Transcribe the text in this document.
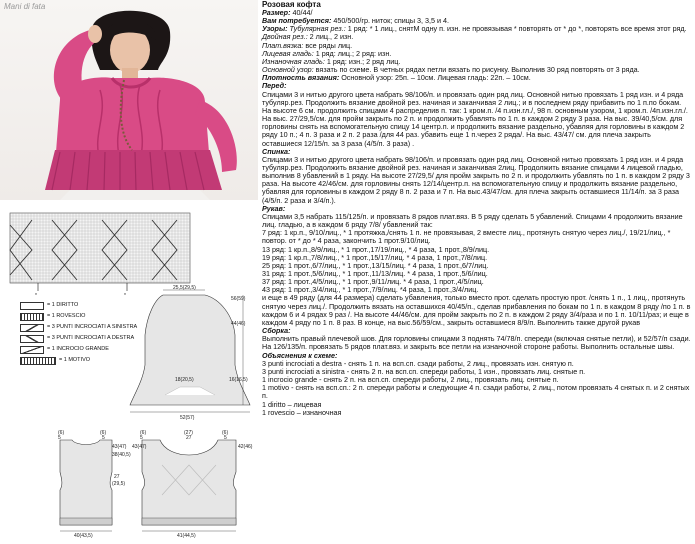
Mani di fata
*	*
= 1 DIRITTO
= 1 ROVESCIO
= 3 PUNTI INCROCIATI A SINISTRA
= 3 PUNTI INCROCIATI A DESTRA
= 1 INCROCIO GRANDE
= 1 MOTIVO
25,5(29,5)
56(59)
44(46)
18(20,5)	16(16,5)
52(57)
(6)	(6)
5	5
43(47)
38(40,5)
27
(29,5)
40(43,5)
(6)	(27)	(6)
5	27	5
43(47)	42(46)
41(44,5)

Розовая кофта

Размер: 40/44/

Вам потребуется: 450/500/гр. ниток; спицы 3, 3,5 и 4.

Узоры: Тубулярная рез.: 1 ряд: * 1 лиц., снятM одну п. изн. не провязывая * повторять от * до *, повторять все время этот ряд.

Двойная рез.: 2 лиц., 2 изн.

Плат.вязка: все ряды лиц.

Лицевая гладь: 1 ряд: лиц.; 2 ряд: изн.

Изнаночная гладь: 1 ряд: изн.; 2 ряд лиц.

Основной узор: вязать по схеме. В четных рядах петли вязать по рисунку. Выполнив 30 ряд повторять от 3 ряда.

Плотность вязания: Основной узор: 25п. – 10см. Лицевая гладь: 22п. – 10см.

Перед:

Спицами 3 и нитью другого цвета набрать 98/106/п. и провязать один ряд лиц. Основной нитью провязать 1 ряд изн. и 4 ряда тубуляр.рез. Продолжить вязание двойной рез. начиная и заканчивая 2 лиц.; и в последнем ряду прибавить по 1 п.по бокам. На высоте 6 см. продолжить спицами 4 распределив п. так: 1 кром.п. /4 п.изн.гл./, 98 п. основным узором, 1 кром.п. /4п.изн.гл./. На выс. 27/29,5/см. для пройм закрыть по 2 п. и продолжить убавлять по 1 п. в каждом 2 ряду 3 раза. На выс. 39/40,5/см. для горловины снять на вспомогательную спицу 14 центр.п. и продолжить вязание раздельно, убавляя для горловины в каждом 2 ряду 10 п.; 4 п. 3 раза и 2 п. 2 раза /для 44 раз. убавить еще 1 п.через 2 ряда/. На выс. 43/47/ см. для плеча закрыть оставшиеся 12/15/п. за 3 раза (4/5/п. 3 раза) .

Спинка:

Спицами 3 и нитью другого цвета набрать 98/106/п. и провязать один ряд лиц. Основной нитью провязать 1 ряд изн. и 4 ряда тубуляр.рез. Продолжить вязание двойной рез. начиная и заканчивая 2лиц. Продолжить вязание спицами 4 лицевой гладью, выполнив 8 убавлений в 1 ряду. На высоте 27/29,5/ для пройм закрыть по 2 п. и продолжить убавлять по 1 п. в каждом 2 ряду 3 раза. На высоте 42/46/см. для горловины снять 12/14/центр.п. на вспомогательную спицу и продолжить вязание раздельно, убавляя для горловины в каждом 2 ряду 8 п. 2 раза и 7 п. На выс.43/47/см. для плеча закрыть оставшиеся 11/14/п. за 3 раза (4/5/п. 2 раза и 3/4/п.).

Рукав:

Спицами 3,5 набрать 115/125/п. и провязать 8 рядов плат.вяз. В 5 ряду сделать 5 убавлений. Спицами 4 продолжить вязание лиц. гладью, а в каждом 6 ряду 7/8/ убавлений так:

7 ряд: 1 кр.п., 9/10/лиц., * 1 протяжка,/снять 1 п. не провязывая, 2 вместе лиц., протянуть снятую через лиц./, 19/21/лиц., * повтор. от * до * 4 раза, закончить 1 прот.9/10/лиц.

13 ряд: 1 кр.п.,8/9/лиц., * 1 прот.,17/19/лиц., * 4 раза, 1 прот.,8/9/лиц.

19 ряд: 1 кр.п.,7/8/лиц., * 1 прот.,15/17/лиц. * 4 раза, 1 прот.,7/8/лиц.

25 ряд: 1 прот.,6/7/лиц., * 1 прот.,13/15/лиц. * 4 раза, 1 прот.,6/7/лиц.

31 ряд: 1 прот.,5/6/лиц., * 1 прот.,11/13/лиц. * 4 раза, 1 прот.,5/6/лиц.

37 ряд: 1 прот.,4/5/лиц., * 1 прот.,9/11/лиц. * 4 раза, 1 прот.,4/5/лиц.

43 ряд: 1 прот.,3/4/лиц., * 1 прот.,7/9/лиц. *4 раза, 1 прот.,3/4/лиц.

и еще в 49 ряду (для 44 размера) сделать убавления, только вместо прот. сделать простую прот. /снять 1 п., 1 лиц., протянуть снятую через лиц./. Продолжить вязать на оставшихся 40/45/п., сделав прибавления по бокам по 1 п. в каждом 8 ряду /по 1 п. в каждом 6 и 4 рядах 9 раз /. На высоте 44/46/см. для пройм закрыть по 2 п. в каждом 2 ряду 3/4/раза и по 1 п. 10/11/раз; и еще в каждом 4 ряду по 1 п. 8 раз. В конце, на выс.56/59/см., закрыть оставшиеся 8/9/п. Выполнить также другой рукав

Сборка:

Выполнить правый плечевой шов. Для горловины спицами 3 поднять 74/78/п. спереди (включая снятые петли), и 52/57/п сзади. На 126/135/п. провязать 5 рядов плат.вяз. и закрыть все петли на изнаночной стороне работы. Выполнить остальные швы.

Объяснения к схеме:

3 punti incrociati a destra - снять 1 п. на всп.сп. сзади работы, 2 лиц., провязать изн. снятую п.

3 punti incrociati a sinistra - снять 2 п. на всп.сп. спереди работы, 1 изн., провязать лиц. снятые п.

1 incrocio grande - снять 2 п. на всп.сп. спереди работы, 2 лиц., провязать лиц. снятые п.

1 motivo - снять на всп.сп.: 2 п. спереди работы и следующие 4 п. сзади работы, 2 лиц., потом провязать 4 снятых п. и 2 снятых п.

1 diritto – лицевая

1 rovescio – изнаночная
